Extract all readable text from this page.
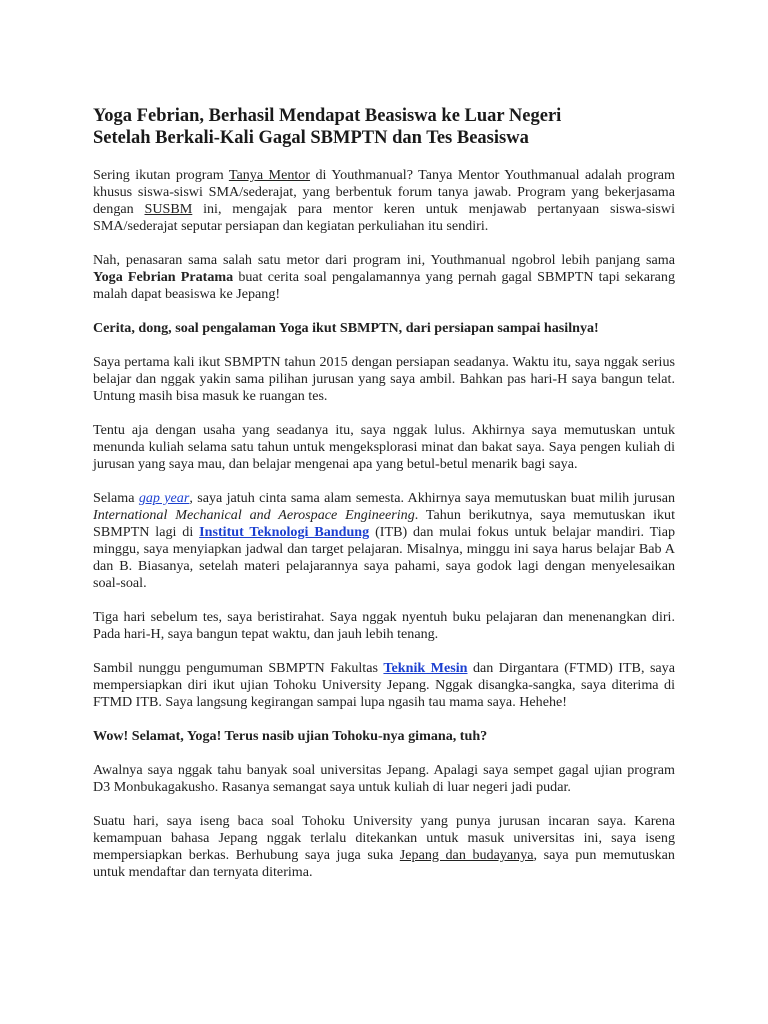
Yoga Febrian, Berhasil Mendapat Beasiswa ke Luar Negeri
Setelah Berkali-Kali Gagal SBMPTN dan Tes Beasiswa

Sering ikutan program Tanya Mentor di Youthmanual? Tanya Mentor Youthmanual adalah program khusus siswa-siswi SMA/sederajat, yang berbentuk forum tanya jawab. Program yang bekerjasama dengan SUSBM ini, mengajak para mentor keren untuk menjawab pertanyaan siswa-siswi SMA/sederajat seputar persiapan dan kegiatan perkuliahan itu sendiri.

Nah, penasaran sama salah satu metor dari program ini, Youthmanual ngobrol lebih panjang sama Yoga Febrian Pratama buat cerita soal pengalamannya yang pernah gagal SBMPTN tapi sekarang malah dapat beasiswa ke Jepang!

Cerita, dong, soal pengalaman Yoga ikut SBMPTN, dari persiapan sampai hasilnya!

Saya pertama kali ikut SBMPTN tahun 2015 dengan persiapan seadanya. Waktu itu, saya nggak serius belajar dan nggak yakin sama pilihan jurusan yang saya ambil. Bahkan pas hari-H saya bangun telat. Untung masih bisa masuk ke ruangan tes.

Tentu aja dengan usaha yang seadanya itu, saya nggak lulus. Akhirnya saya memutuskan untuk menunda kuliah selama satu tahun untuk mengeksplorasi minat dan bakat saya. Saya pengen kuliah di jurusan yang saya mau, dan belajar mengenai apa yang betul-betul menarik bagi saya.

Selama gap year, saya jatuh cinta sama alam semesta. Akhirnya saya memutuskan buat milih jurusan International Mechanical and Aerospace Engineering. Tahun berikutnya, saya memutuskan ikut SBMPTN lagi di Institut Teknologi Bandung (ITB) dan mulai fokus untuk belajar mandiri. Tiap minggu, saya menyiapkan jadwal dan target pelajaran. Misalnya, minggu ini saya harus belajar Bab A dan B. Biasanya, setelah materi pelajarannya saya pahami, saya godok lagi dengan menyelesaikan soal-soal.

Tiga hari sebelum tes, saya beristirahat. Saya nggak nyentuh buku pelajaran dan menenangkan diri. Pada hari-H, saya bangun tepat waktu, dan jauh lebih tenang.

Sambil nunggu pengumuman SBMPTN Fakultas Teknik Mesin dan Dirgantara (FTMD) ITB, saya mempersiapkan diri ikut ujian Tohoku University Jepang. Nggak disangka-sangka, saya diterima di FTMD ITB. Saya langsung kegirangan sampai lupa ngasih tau mama saya. Hehehe!

Wow! Selamat, Yoga! Terus nasib ujian Tohoku-nya gimana, tuh?

Awalnya saya nggak tahu banyak soal universitas Jepang. Apalagi saya sempet gagal ujian program D3 Monbukagakusho. Rasanya semangat saya untuk kuliah di luar negeri jadi pudar.

Suatu hari, saya iseng baca soal Tohoku University yang punya jurusan incaran saya. Karena kemampuan bahasa Jepang nggak terlalu ditekankan untuk masuk universitas ini, saya iseng mempersiapkan berkas. Berhubung saya juga suka Jepang dan budayanya, saya pun memutuskan untuk mendaftar dan ternyata diterima.
